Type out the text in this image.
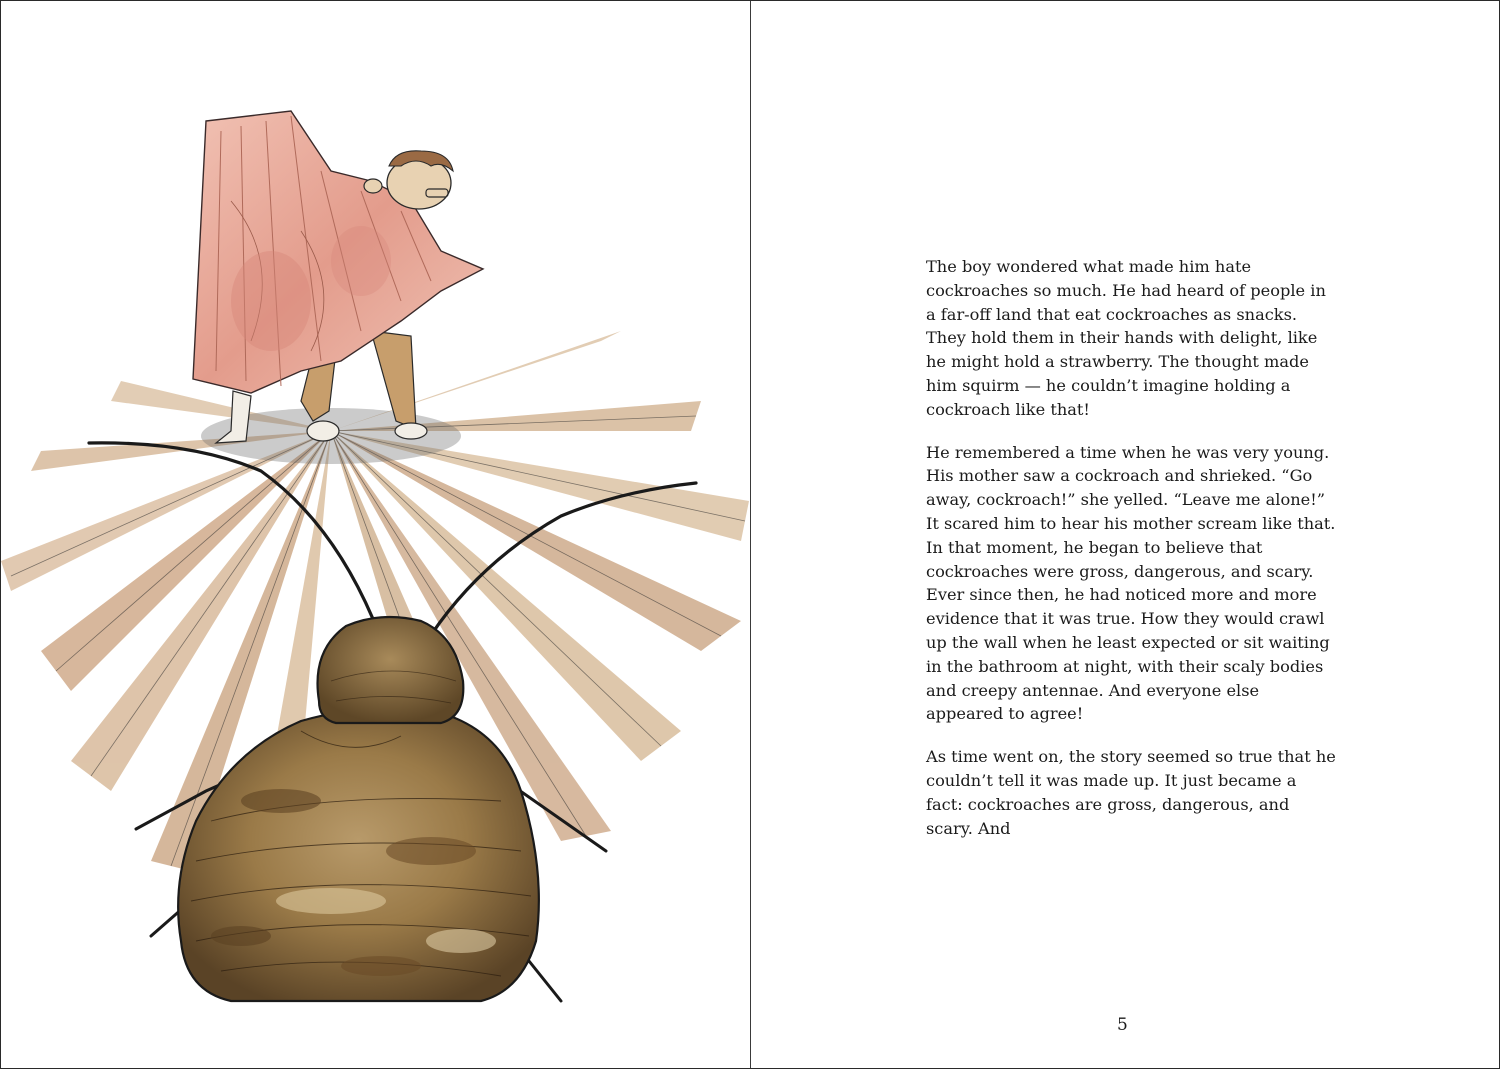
The boy wondered what made him hate cockroaches so much. He had heard of people in a far-off land that eat cockroaches as snacks. They hold them in their hands with delight, like he might hold a strawberry. The thought made him squirm — he couldn’t imagine holding a cockroach like that!

He remembered a time when he was very young. His mother saw a cockroach and shrieked. “Go away, cockroach!” she yelled. “Leave me alone!” It scared him to hear his mother scream like that. In that moment, he began to believe that cockroaches were gross, dangerous, and scary. Ever since then, he had noticed more and more evidence that it was true. How they would crawl up the wall when he least expected or sit waiting in the bathroom at night, with their scaly bodies and creepy antennae. And everyone else appeared to agree!

As time went on, the story seemed so true that he couldn’t tell it was made up. It just became a fact: cockroaches are gross, dangerous, and scary. And

5
